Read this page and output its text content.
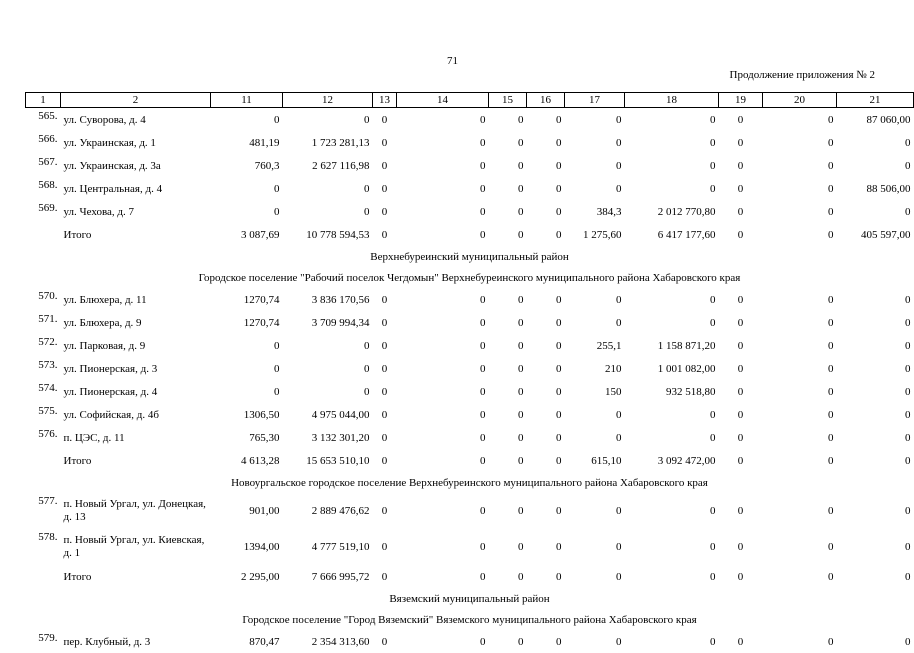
71
Продолжение приложения № 2
1	2	11	12	13	14	15	16	17	18	19	20	21
565.	ул. Суворова, д. 4	0	0	0	0	0	0	0	0	0	0	87 060,00
566.	ул. Украинская, д. 1	481,19	1 723 281,13	0	0	0	0	0	0	0	0	0
567.	ул. Украинская, д. 3а	760,3	2 627 116,98	0	0	0	0	0	0	0	0	0
568.	ул. Центральная, д. 4	0	0	0	0	0	0	0	0	0	0	88 506,00
569.	ул. Чехова, д. 7	0	0	0	0	0	0	384,3	2 012 770,80	0	0	0
	Итого	3 087,69	10 778 594,53	0	0	0	0	1 275,60	6 417 177,60	0	0	405 597,00
Верхнебуреинский муниципальный район												
Городское поселение "Рабочий поселок Чегдомын" Верхнебуреинского муниципального района Хабаровского края												
570.	ул. Блюхера, д. 11	1270,74	3 836 170,56	0	0	0	0	0	0	0	0	0
571.	ул. Блюхера, д. 9	1270,74	3 709 994,34	0	0	0	0	0	0	0	0	0
572.	ул. Парковая, д. 9	0	0	0	0	0	0	255,1	1 158 871,20	0	0	0
573.	ул. Пионерская, д. 3	0	0	0	0	0	0	210	1 001 082,00	0	0	0
574.	ул. Пионерская, д. 4	0	0	0	0	0	0	150	932 518,80	0	0	0
575.	ул. Софийская, д. 4б	1306,50	4 975 044,00	0	0	0	0	0	0	0	0	0
576.	п. ЦЭС, д. 11	765,30	3 132 301,20	0	0	0	0	0	0	0	0	0
	Итого	4 613,28	15 653 510,10	0	0	0	0	615,10	3 092 472,00	0	0	0
Новоургальское городское поселение Верхнебуреинского муниципального района Хабаровского края												
577.	п. Новый Ургал, ул. Донецкая, д. 13	901,00	2 889 476,62	0	0	0	0	0	0	0	0	0
578.	п. Новый Ургал, ул. Киевская, д. 1	1394,00	4 777 519,10	0	0	0	0	0	0	0	0	0
	Итого	2 295,00	7 666 995,72	0	0	0	0	0	0	0	0	0
Вяземский муниципальный район												
Городское поселение "Город Вяземский" Вяземского муниципального района Хабаровского края												
579.	пер. Клубный, д. 3	870,47	2 354 313,60	0	0	0	0	0	0	0	0	0
